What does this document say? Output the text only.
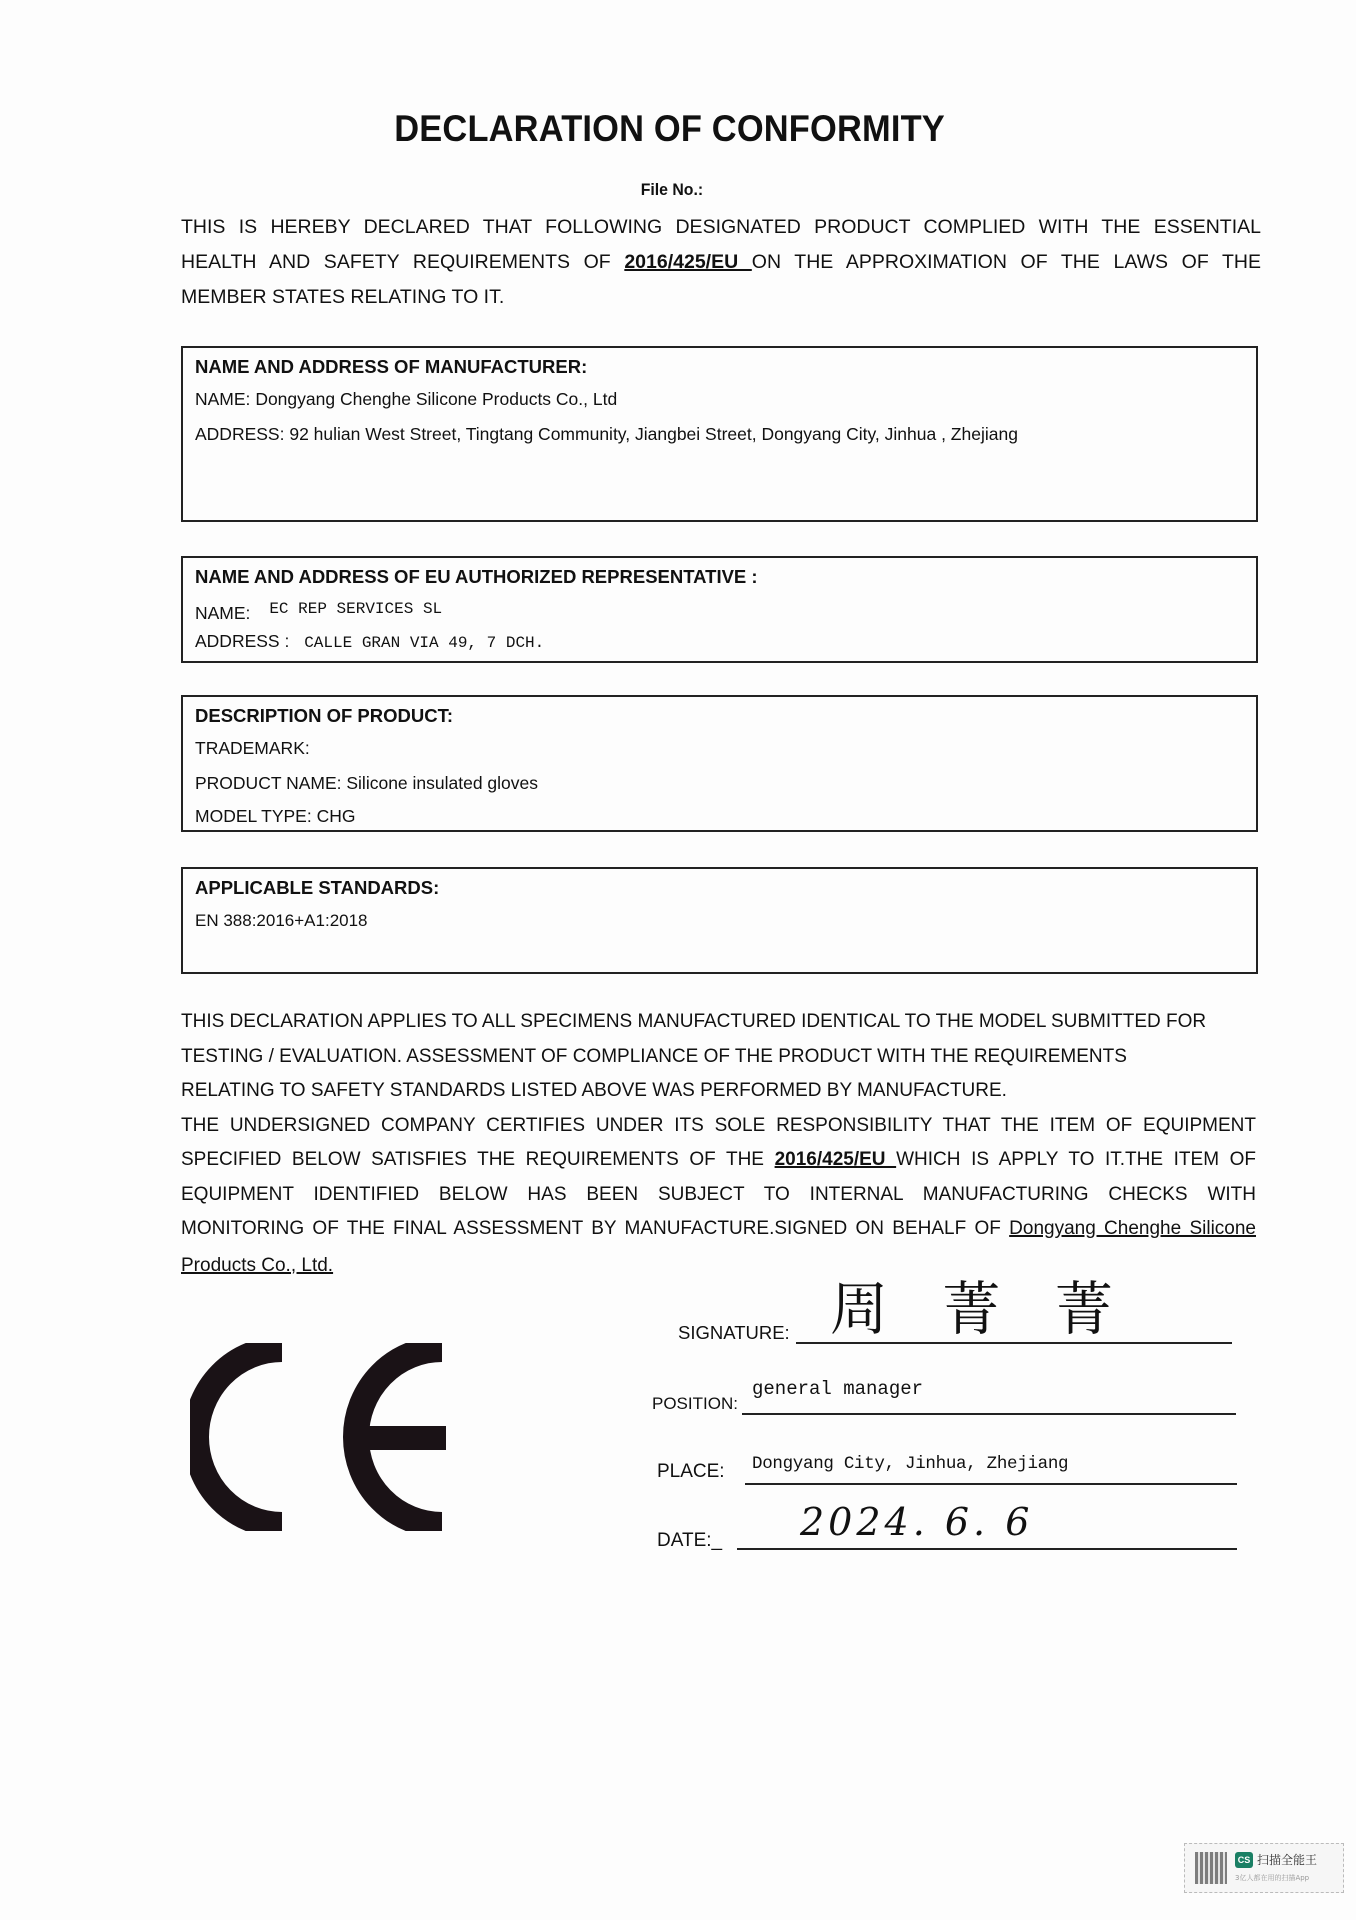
DECLARATION OF CONFORMITY
File No.:
THIS IS HEREBY DECLARED THAT FOLLOWING DESIGNATED PRODUCT COMPLIED WITH THE ESSENTIAL
HEALTH AND SAFETY REQUIREMENTS OF 2016/425/EU ON THE APPROXIMATION OF THE LAWS OF THE
MEMBER STATES RELATING TO IT.
NAME AND ADDRESS OF MANUFACTURER:
NAME: Dongyang Chenghe Silicone Products Co., Ltd
ADDRESS: 92 hulian West Street, Tingtang Community, Jiangbei Street, Dongyang City, Jinhua , Zhejiang
NAME AND ADDRESS OF EU AUTHORIZED REPRESENTATIVE :
NAME: EC REP SERVICES SL
ADDRESS : CALLE GRAN VIA 49, 7 DCH.
DESCRIPTION OF PRODUCT:
TRADEMARK:
PRODUCT NAME: Silicone insulated gloves
MODEL TYPE: CHG
APPLICABLE STANDARDS:
EN 388:2016+A1:2018

THIS DECLARATION APPLIES TO ALL SPECIMENS MANUFACTURED IDENTICAL TO THE MODEL SUBMITTED FOR

TESTING / EVALUATION. ASSESSMENT OF COMPLIANCE OF THE PRODUCT WITH THE REQUIREMENTS

RELATING TO SAFETY STANDARDS LISTED ABOVE WAS PERFORMED BY MANUFACTURE.

THE UNDERSIGNED COMPANY CERTIFIES UNDER ITS SOLE RESPONSIBILITY THAT THE ITEM OF EQUIPMENT

SPECIFIED BELOW SATISFIES THE REQUIREMENTS OF THE 2016/425/EU WHICH IS APPLY TO IT.THE ITEM OF

EQUIPMENT IDENTIFIED BELOW HAS BEEN SUBJECT TO INTERNAL MANUFACTURING CHECKS WITH

MONITORING OF THE FINAL ASSESSMENT BY MANUFACTURE.SIGNED ON BEHALF OF Dongyang Chenghe Silicone

Products Co., Ltd.

SIGNATURE: 周 菁 菁
POSITION:
general manager
PLACE: Dongyang City, Jinhua, Zhejiang
DATE:_ 2024. 6. 6
CS 扫描全能王
3亿人都在用的扫描App
